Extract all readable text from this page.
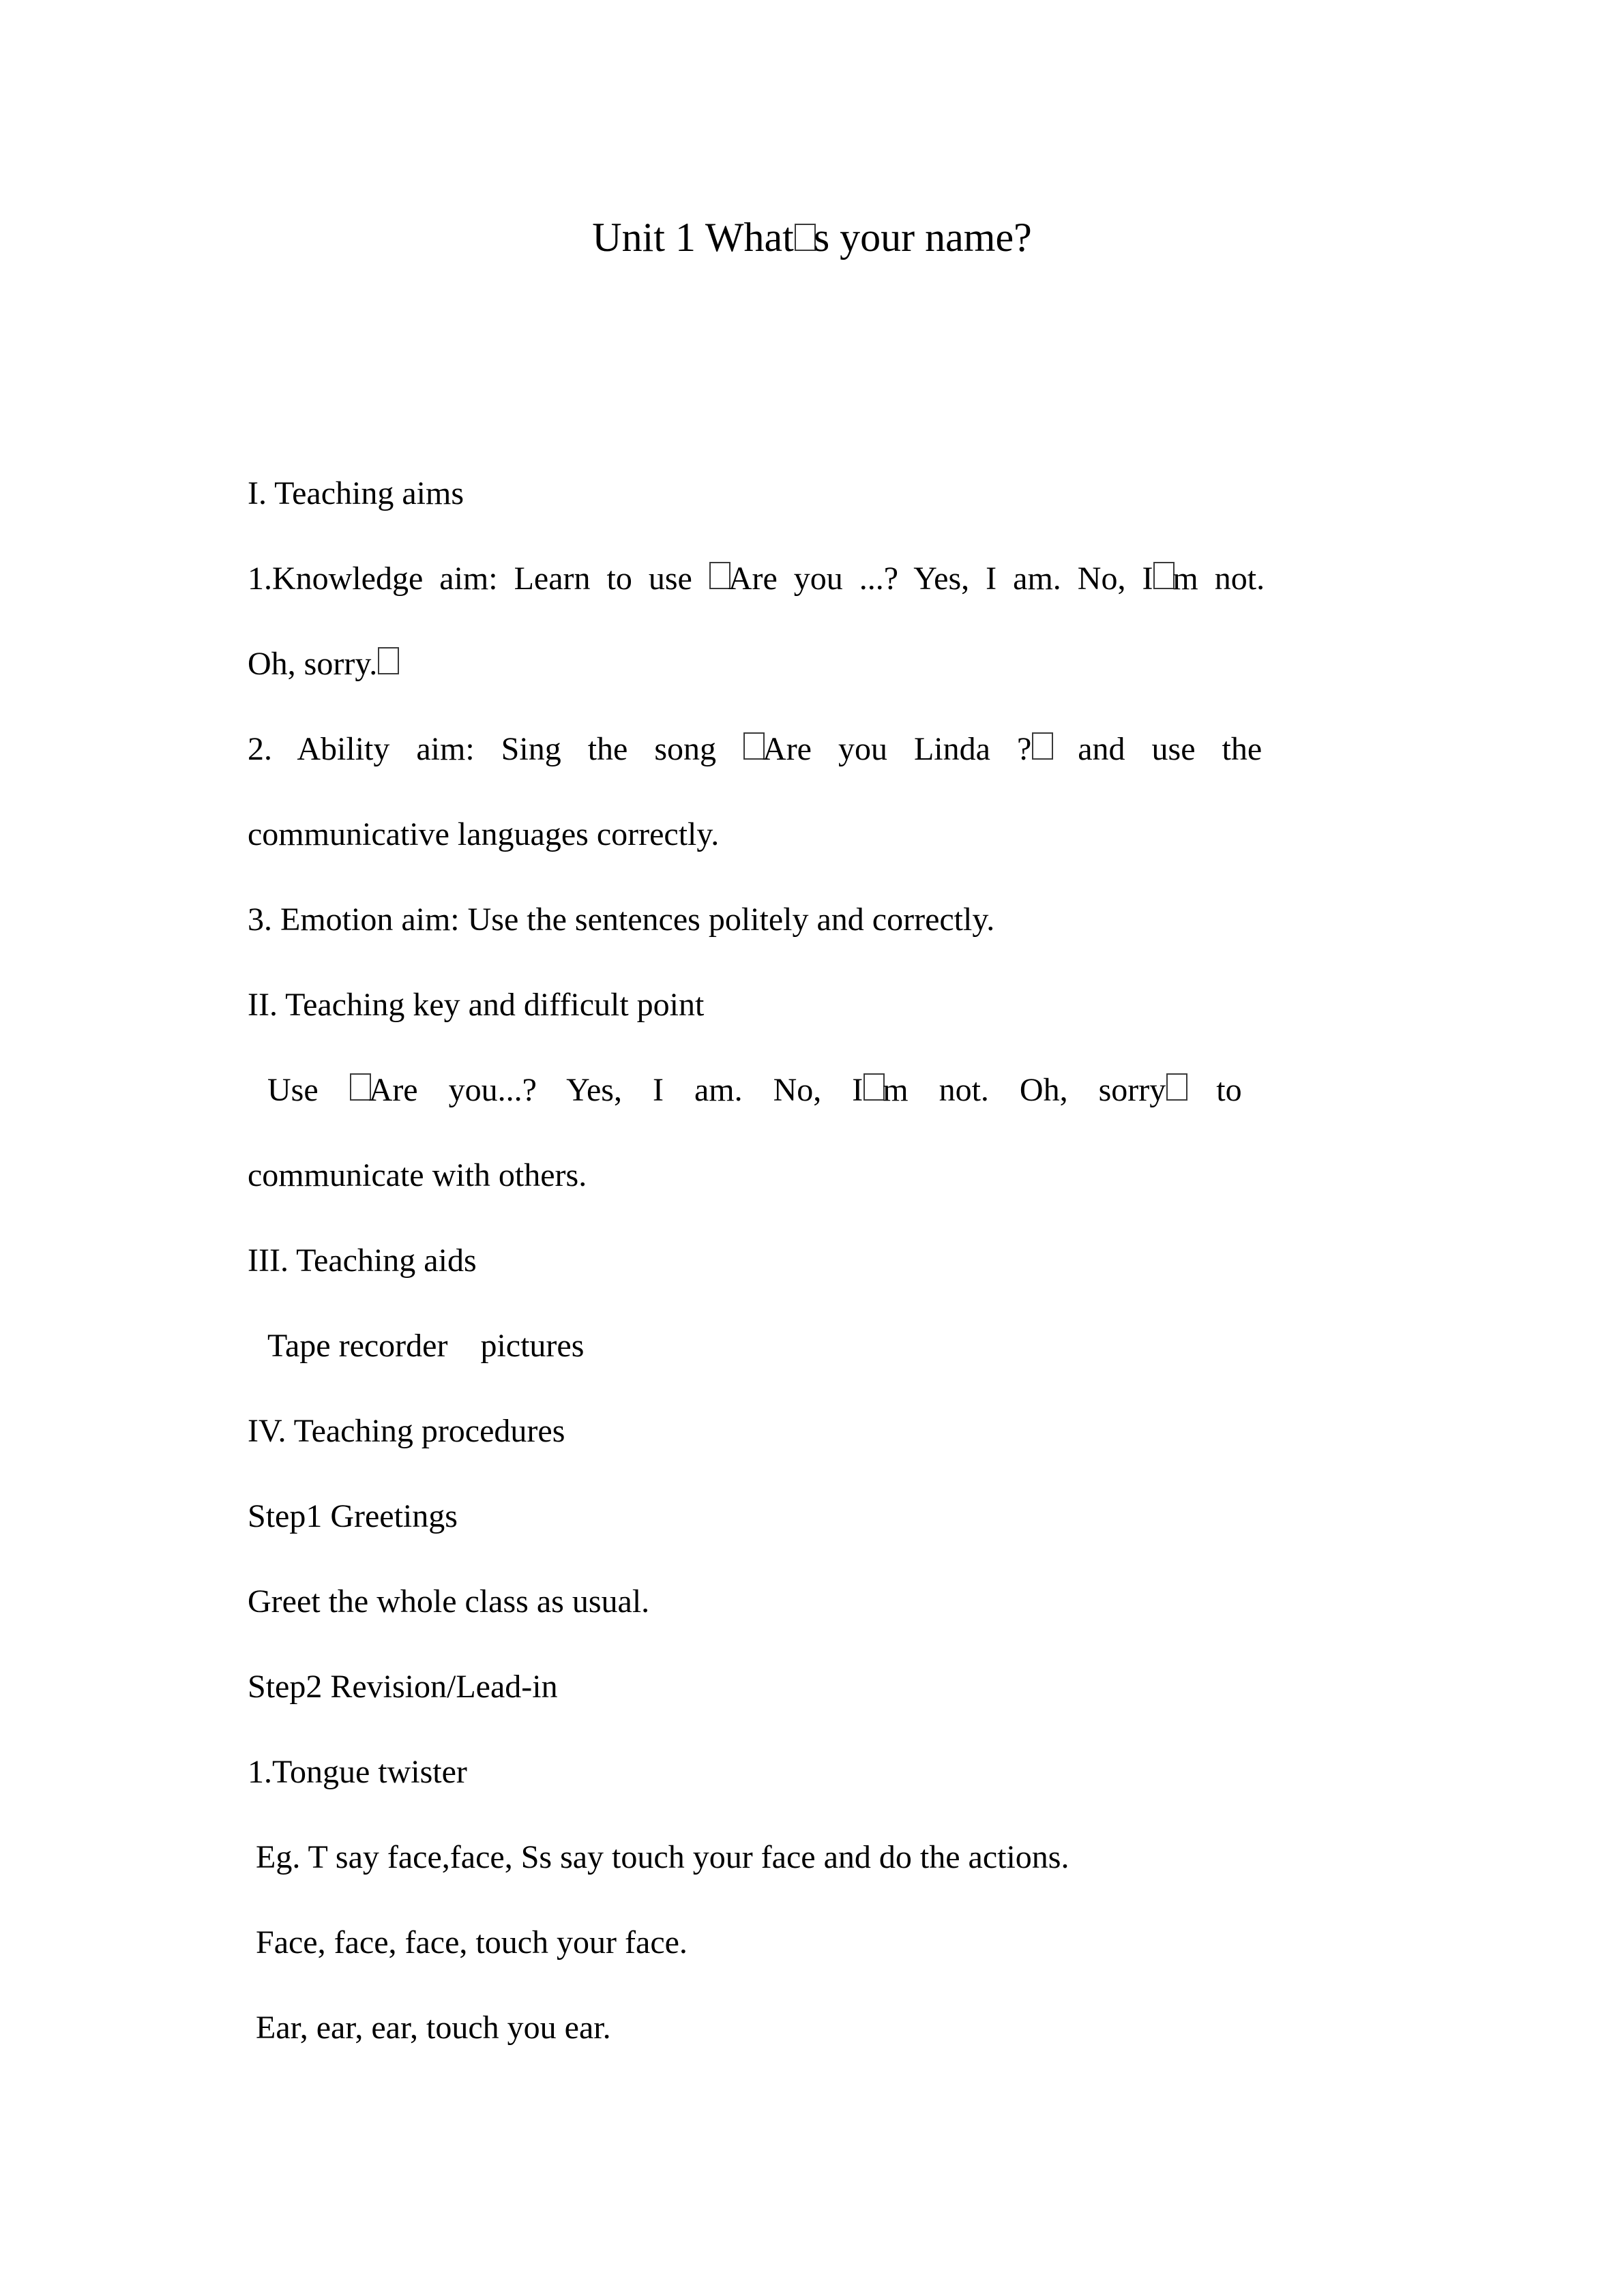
Unit 1 What s your name?
I. Teaching aims
1.Knowledge aim: Learn to use Are you ...? Yes, I am. No, I m not.
Oh, sorry.
2. Ability aim: Sing the song Are you Linda ? and use the
communicative languages correctly.
3. Emotion aim: Use the sentences politely and correctly.
II. Teaching key and difficult point
Use Are you...? Yes, I am. No, I m not. Oh, sorry to
communicate with others.
III. Teaching aids
Tape recorder    pictures
IV. Teaching procedures
Step1 Greetings
Greet the whole class as usual.
Step2 Revision/Lead-in
1.Tongue twister
Eg. T say face,face, Ss say touch your face and do the actions.
Face, face, face, touch your face.
Ear, ear, ear, touch you ear.
